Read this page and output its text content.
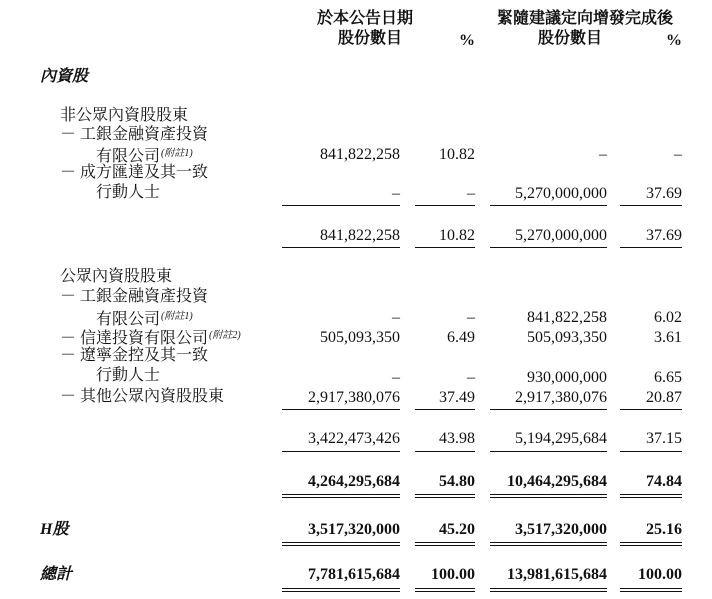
於本公告日期
股份數目	%
緊隨建議定向增發完成後
股份數目	%
內資股
非公眾內資股股東
－ 工銀金融資產投資
有限公司$^{(附註1)}$	841,822,258	10.82	–	–
－ 成方匯達及其一致
行動人士	–	–	5,270,000,000	37.69
841,822,258	10.82	5,270,000,000	37.69
公眾內資股股東
－ 工銀金融資產投資
有限公司$^{(附註1)}$	–	–	841,822,258	6.02
－ 信達投資有限公司$^{(附註2)}$	505,093,350	6.49	505,093,350	3.61
－ 遼寧金控及其一致
行動人士	–	–	930,000,000	6.65
－ 其他公眾內資股股東	2,917,380,076	37.49	2,917,380,076	20.87
3,422,473,426	43.98	5,194,295,684	37.15
4,264,295,684	54.80	10,464,295,684	74.84
H股	3,517,320,000	45.20	3,517,320,000	25.16
總計	7,781,615,684	100.00	13,981,615,684	100.00
